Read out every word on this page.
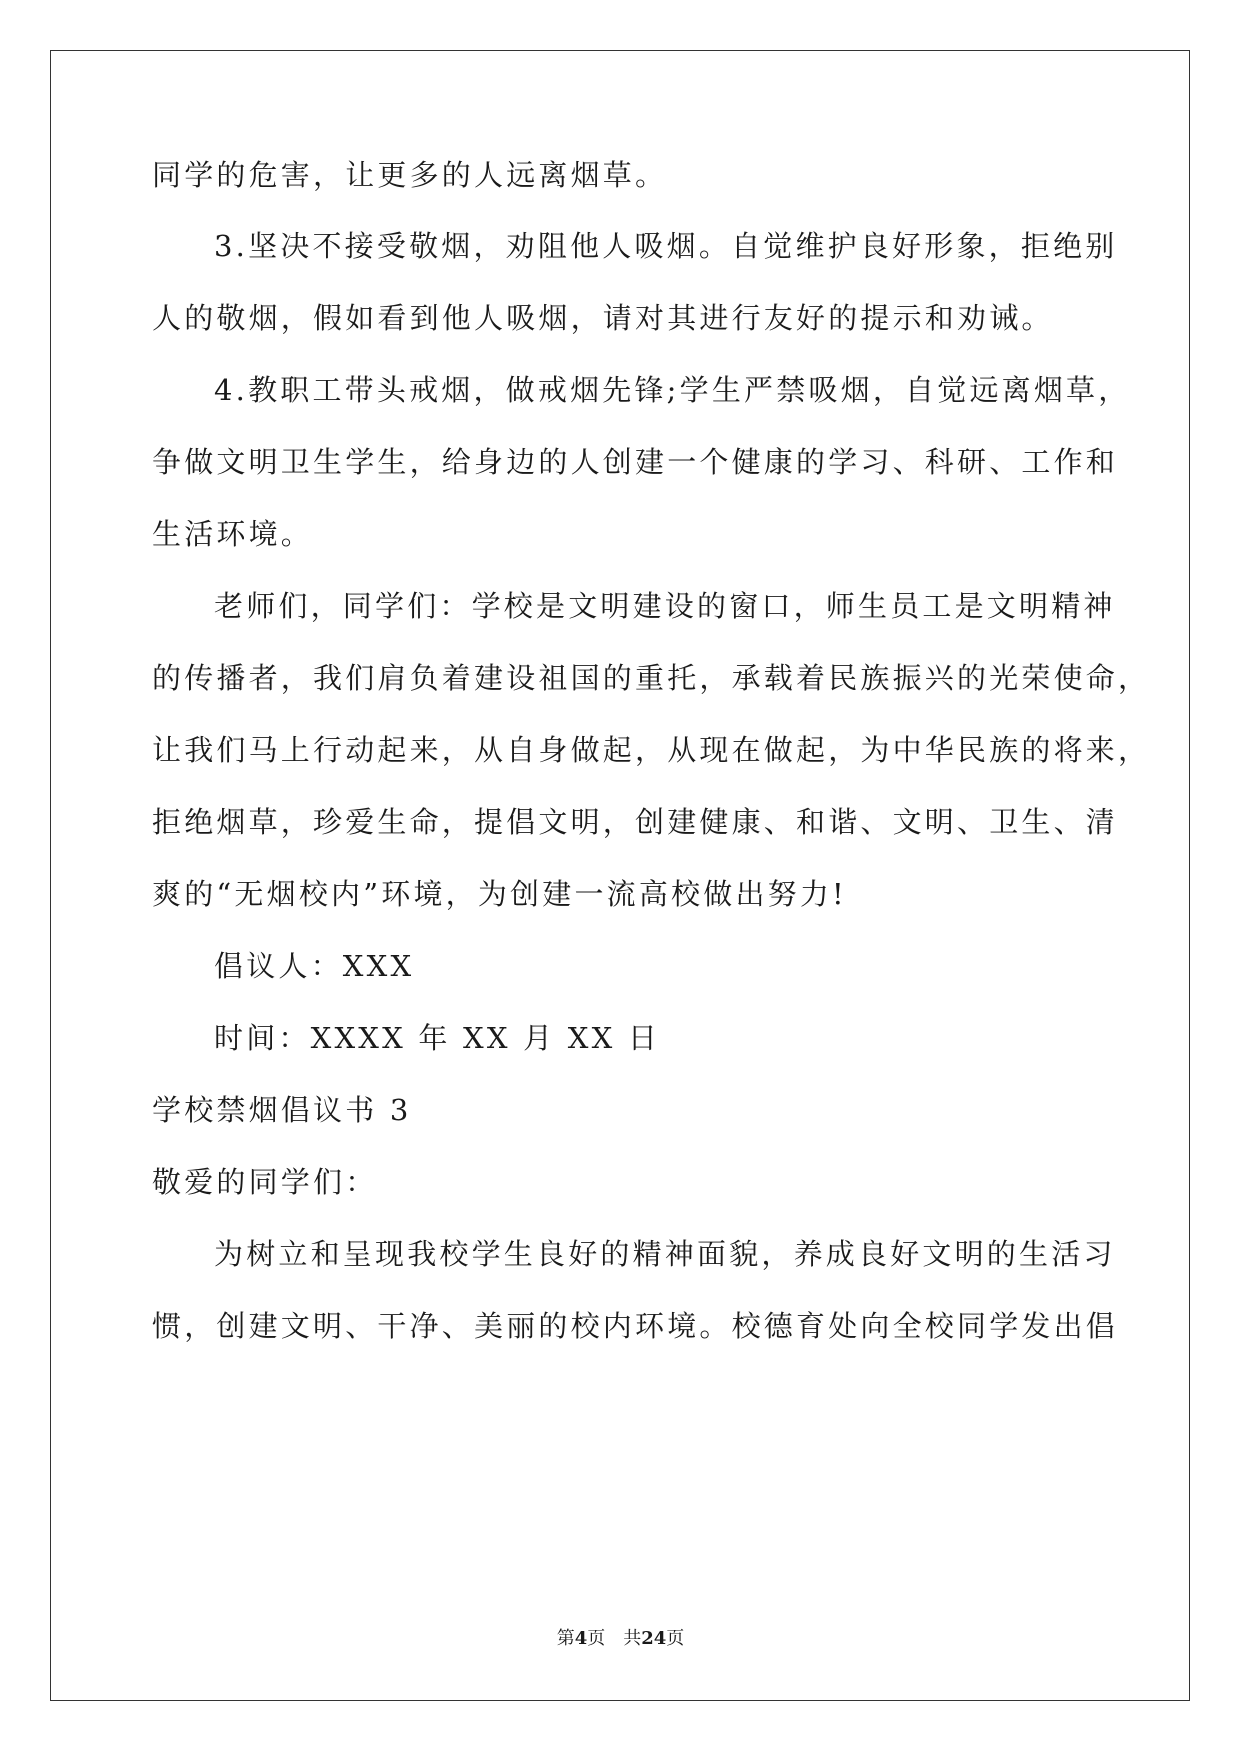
同学的危害，让更多的人远离烟草。
3.坚决不接受敬烟，劝阻他人吸烟。自觉维护良好形象，拒绝别
人的敬烟，假如看到他人吸烟，请对其进行友好的提示和劝诫。
4.教职工带头戒烟，做戒烟先锋;学生严禁吸烟，自觉远离烟草，
争做文明卫生学生，给身边的人创建一个健康的学习、科研、工作和
生活环境。
老师们，同学们：学校是文明建设的窗口，师生员工是文明精神
的传播者，我们肩负着建设祖国的重托，承载着民族振兴的光荣使命，
让我们马上行动起来，从自身做起，从现在做起，为中华民族的将来，
拒绝烟草，珍爱生命，提倡文明，创建健康、和谐、文明、卫生、清
爽的“无烟校内”环境，为创建一流高校做出努力!
倡议人：XXX
时间：XXXX 年 XX 月 XX 日
学校禁烟倡议书 3
敬爱的同学们：
为树立和呈现我校学生良好的精神面貌，养成良好文明的生活习
惯，创建文明、干净、美丽的校内环境。校德育处向全校同学发出倡
第4页　共24页
